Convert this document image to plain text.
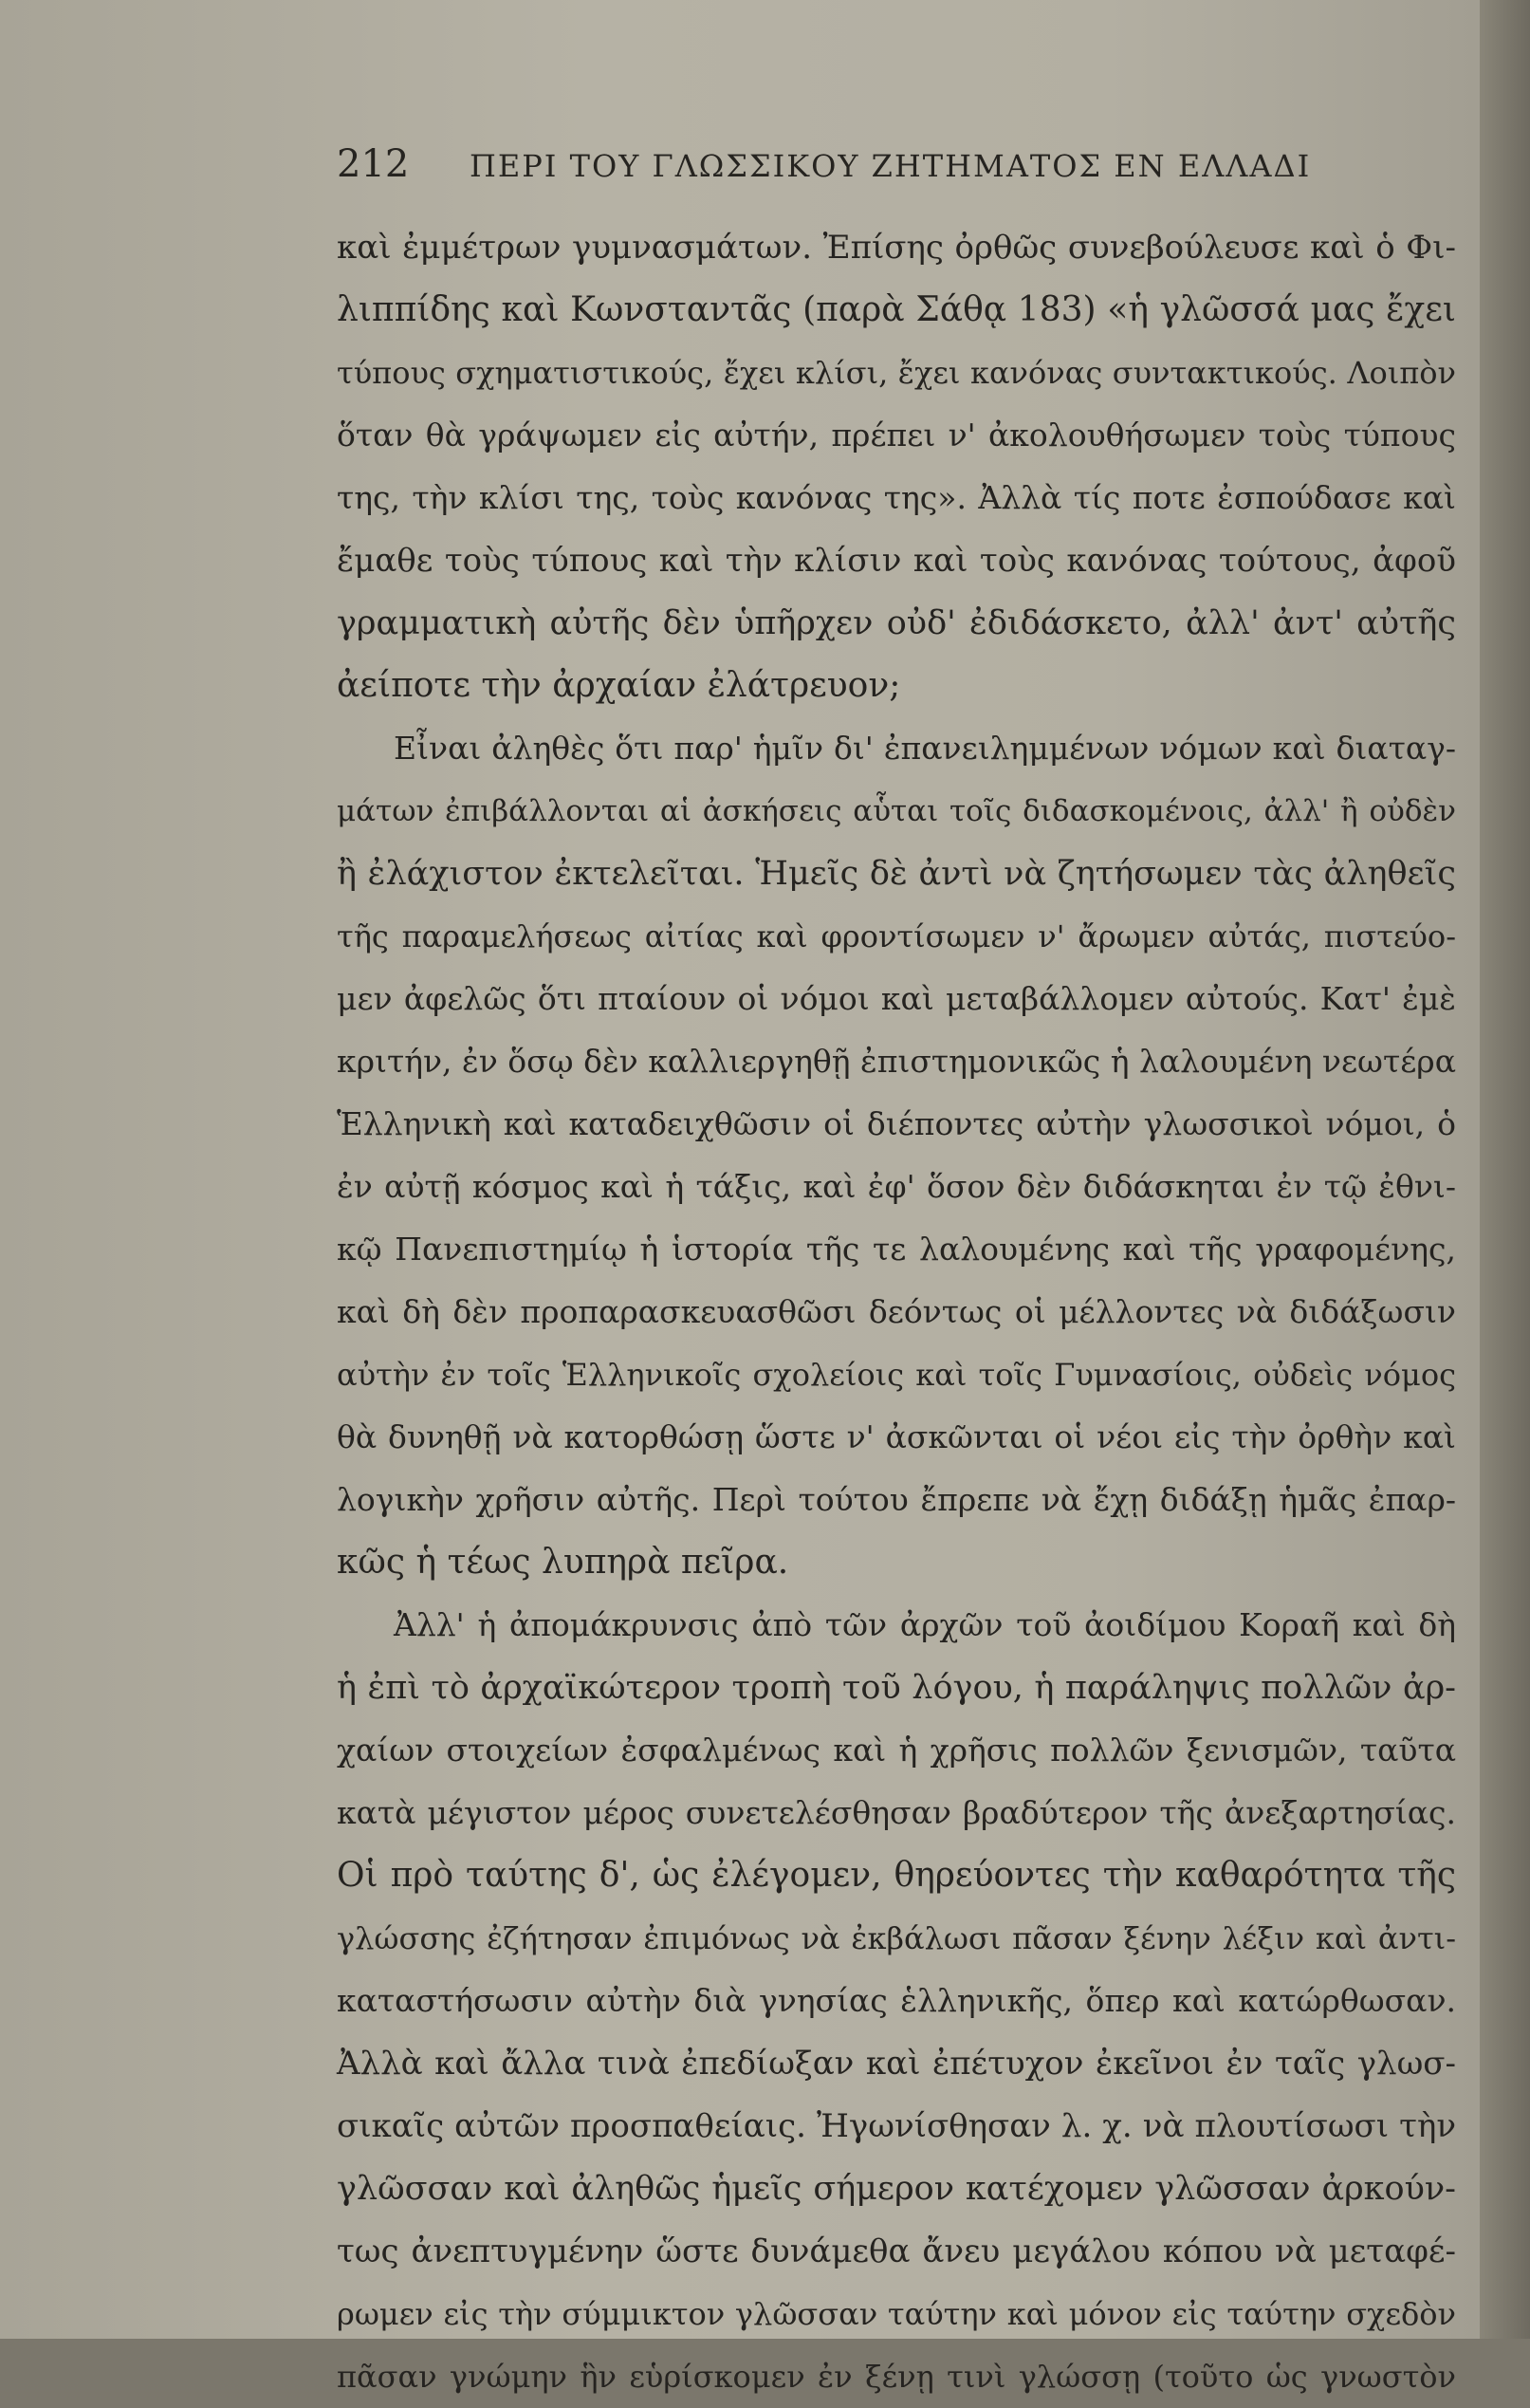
212 ΠΕΡΙ ΤΟΥ ΓΛΩΣΣΙΚΟΥ ΖΗΤΗΜΑΤΟΣ ΕΝ ΕΛΛΑΔΙ
καὶ ἐμμέτρων γυμνασμάτων. Ἐπίσης ὀρθῶς συνεβούλευσε καὶ ὁ Φι-
λιππίδης καὶ Κωνσταντᾶς (παρὰ Σάθᾳ 183) «ἡ γλῶσσά μας ἔχει
τύπους σχηματιστικούς, ἔχει κλίσι, ἔχει κανόνας συντακτικούς. Λοιπὸν
ὅταν θὰ γράψωμεν εἰς αὐτήν, πρέπει ν' ἀκολουθήσωμεν τοὺς τύπους
της, τὴν κλίσι της, τοὺς κανόνας της». Ἀλλὰ τίς ποτε ἐσπούδασε καὶ
ἔμαθε τοὺς τύπους καὶ τὴν κλίσιν καὶ τοὺς κανόνας τούτους, ἀφοῦ
γραμματικὴ αὐτῆς δὲν ὑπῆρχεν οὐδ' ἐδιδάσκετο, ἀλλ' ἀντ' αὐτῆς
ἀείποτε τὴν ἀρχαίαν ἐλάτρευον;
Εἶναι ἀληθὲς ὅτι παρ' ἡμῖν δι' ἐπανειλημμένων νόμων καὶ διαταγ-
μάτων ἐπιβάλλονται αἱ ἀσκήσεις αὗται τοῖς διδασκομένοις, ἀλλ' ἢ οὐδὲν
ἢ ἐλάχιστον ἐκτελεῖται. Ἡμεῖς δὲ ἀντὶ νὰ ζητήσωμεν τὰς ἀληθεῖς
τῆς παραμελήσεως αἰτίας καὶ φροντίσωμεν ν' ἄρωμεν αὐτάς, πιστεύο-
μεν ἀφελῶς ὅτι πταίουν οἱ νόμοι καὶ μεταβάλλομεν αὐτούς. Κατ' ἐμὲ
κριτήν, ἐν ὅσῳ δὲν καλλιεργηθῇ ἐπιστημονικῶς ἡ λαλουμένη νεωτέρα
Ἑλληνικὴ καὶ καταδειχθῶσιν οἱ διέποντες αὐτὴν γλωσσικοὶ νόμοι, ὁ
ἐν αὐτῇ κόσμος καὶ ἡ τάξις, καὶ ἐφ' ὅσον δὲν διδάσκηται ἐν τῷ ἐθνι-
κῷ Πανεπιστημίῳ ἡ ἱστορία τῆς τε λαλουμένης καὶ τῆς γραφομένης,
καὶ δὴ δὲν προπαρασκευασθῶσι δεόντως οἱ μέλλοντες νὰ διδάξωσιν
αὐτὴν ἐν τοῖς Ἑλληνικοῖς σχολείοις καὶ τοῖς Γυμνασίοις, οὐδεὶς νόμος
θὰ δυνηθῇ νὰ κατορθώσῃ ὥστε ν' ἀσκῶνται οἱ νέοι εἰς τὴν ὀρθὴν καὶ
λογικὴν χρῆσιν αὐτῆς. Περὶ τούτου ἔπρεπε νὰ ἔχῃ διδάξῃ ἡμᾶς ἐπαρ-
κῶς ἡ τέως λυπηρὰ πεῖρα.
Ἀλλ' ἡ ἀπομάκρυνσις ἀπὸ τῶν ἀρχῶν τοῦ ἀοιδίμου Κοραῆ καὶ δὴ
ἡ ἐπὶ τὸ ἀρχαϊκώτερον τροπὴ τοῦ λόγου, ἡ παράληψις πολλῶν ἀρ-
χαίων στοιχείων ἐσφαλμένως καὶ ἡ χρῆσις πολλῶν ξενισμῶν, ταῦτα
κατὰ μέγιστον μέρος συνετελέσθησαν βραδύτερον τῆς ἀνεξαρτησίας.
Οἱ πρὸ ταύτης δ', ὡς ἐλέγομεν, θηρεύοντες τὴν καθαρότητα τῆς
γλώσσης ἐζήτησαν ἐπιμόνως νὰ ἐκβάλωσι πᾶσαν ξένην λέξιν καὶ ἀντι-
καταστήσωσιν αὐτὴν διὰ γνησίας ἑλληνικῆς, ὅπερ καὶ κατώρθωσαν.
Ἀλλὰ καὶ ἄλλα τινὰ ἐπεδίωξαν καὶ ἐπέτυχον ἐκεῖνοι ἐν ταῖς γλωσ-
σικαῖς αὐτῶν προσπαθείαις. Ἠγωνίσθησαν λ. χ. νὰ πλουτίσωσι τὴν
γλῶσσαν καὶ ἀληθῶς ἡμεῖς σήμερον κατέχομεν γλῶσσαν ἀρκούν-
τως ἀνεπτυγμένην ὥστε δυνάμεθα ἄνευ μεγάλου κόπου νὰ μεταφέ-
ρωμεν εἰς τὴν σύμμικτον γλῶσσαν ταύτην καὶ μόνον εἰς ταύτην σχεδὸν
πᾶσαν γνώμην ἣν εὑρίσκομεν ἐν ξένῃ τινὶ γλώσσῃ (τοῦτο ὡς γνωστὸν
